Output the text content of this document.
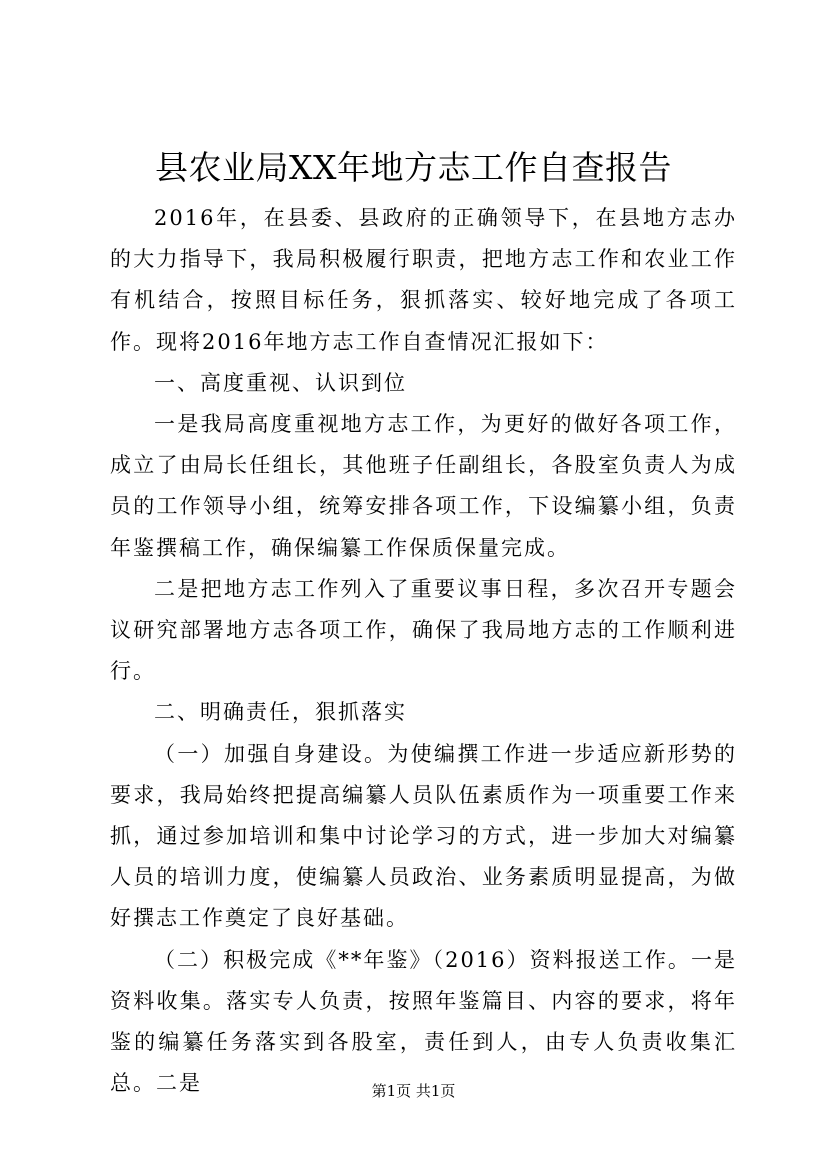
县农业局XX年地方志工作自查报告

2016年，在县委、县政府的正确领导下，在县地方志办的大力指导下，我局积极履行职责，把地方志工作和农业工作有机结合，按照目标任务，狠抓落实、较好地完成了各项工作。现将2016年地方志工作自查情况汇报如下：

一、高度重视、认识到位

一是我局高度重视地方志工作，为更好的做好各项工作，成立了由局长任组长，其他班子任副组长，各股室负责人为成员的工作领导小组，统筹安排各项工作，下设编纂小组，负责年鉴撰稿工作，确保编纂工作保质保量完成。

二是把地方志工作列入了重要议事日程，多次召开专题会议研究部署地方志各项工作，确保了我局地方志的工作顺利进行。

二、明确责任，狠抓落实

（一）加强自身建设。为使编撰工作进一步适应新形势的要求，我局始终把提高编纂人员队伍素质作为一项重要工作来抓，通过参加培训和集中讨论学习的方式，进一步加大对编纂人员的培训力度，使编纂人员政治、业务素质明显提高，为做好撰志工作奠定了良好基础。

（二）积极完成《**年鉴》（2016）资料报送工作。一是资料收集。落实专人负责，按照年鉴篇目、内容的要求，将年鉴的编纂任务落实到各股室，责任到人，由专人负责收集汇总。二是	第1页 共1页
